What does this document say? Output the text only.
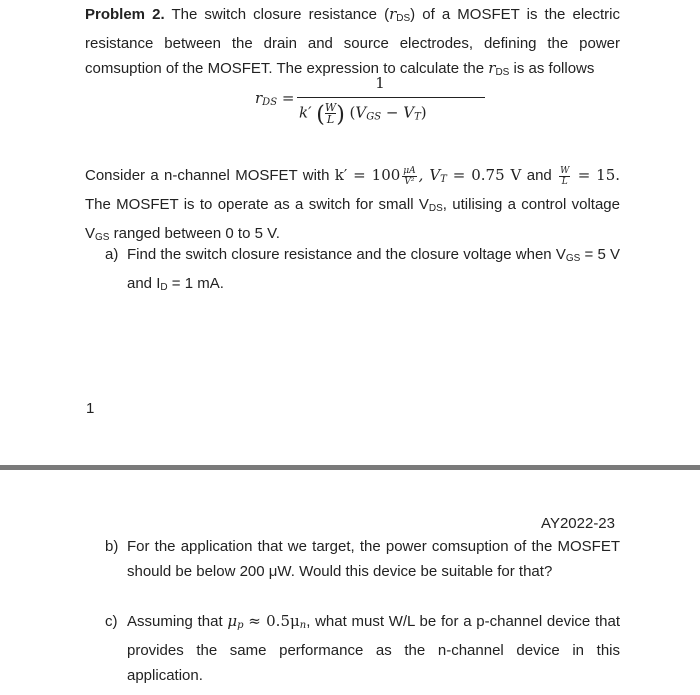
Problem 2. The switch closure resistance $(r_{DS})$ of a MOSFET is the electric resistance between the drain and source electrodes, defining the power comsuption of the MOSFET. The expression to calculate the $r_{DS}$ is as follows
$r_{DS}$ =
1
k′ ( $\frac{W}{L}$ ) $(V_{GS} - V_T)$
Consider a n-channel MOSFET with $k' = 100 \frac{\mu A}{\text{V²}}$ , $V_T = 0.75$ V and $\frac{W}{L} = 15$. The MOSFET is to operate as a switch for small $V_{DS}$, utilising a control voltage $V_{GS}$ ranged between 0 to 5 V.
a) Find the switch closure resistance and the closure voltage when $V_{GS} = 5$ V and $I_D = 1$ mA.
1
AY2022-23
b) For the application that we target, the power comsuption of the MOSFET should be below 200 μW. Would this device be suitable for that?
c) Assuming that $\mu_p \approx 0.5\mu_n$, what must W/L be for a p-channel device that provides the same performance as the n-channel device in this application.
